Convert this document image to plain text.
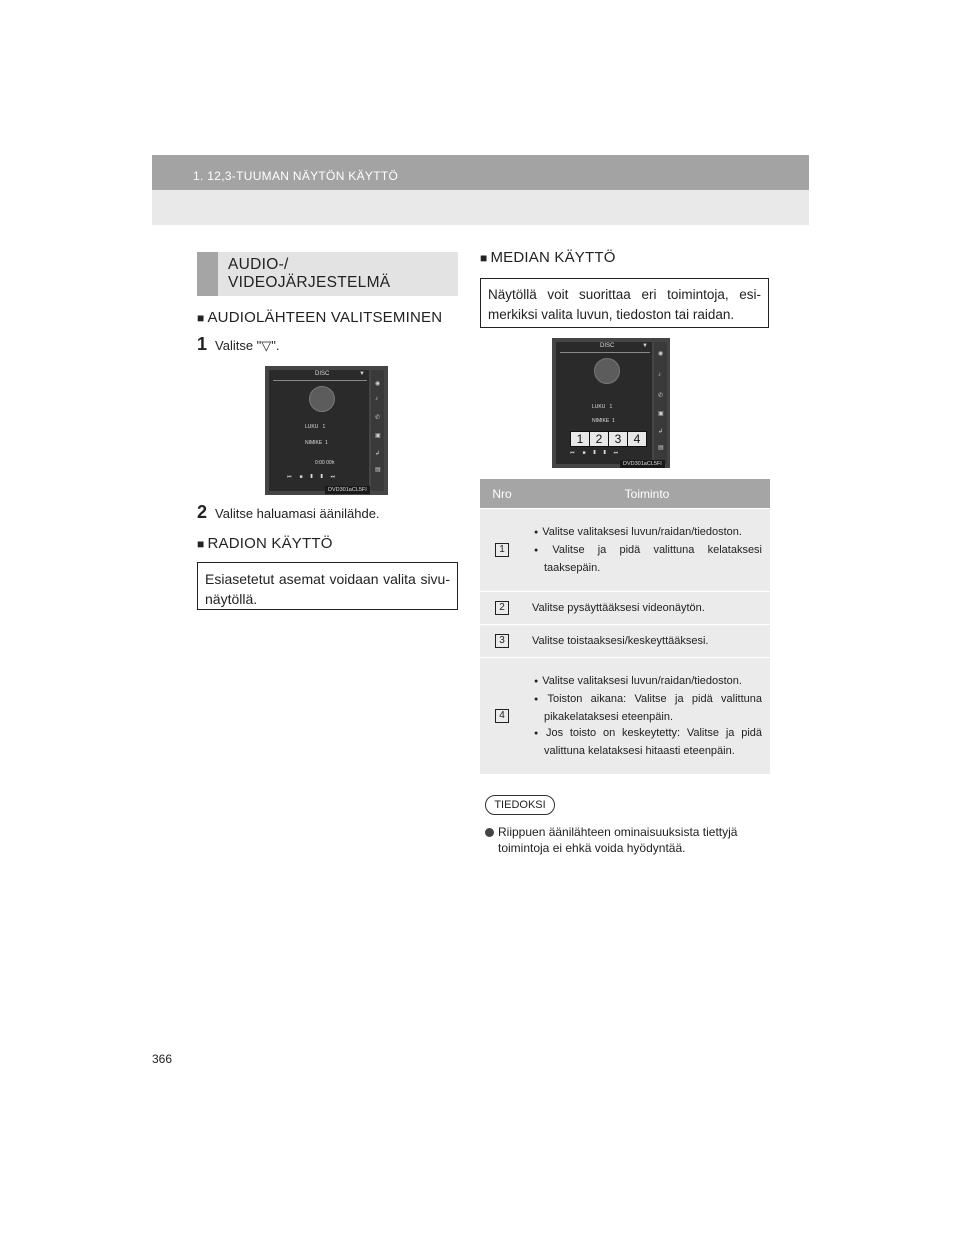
1. 12,3-TUUMAN NÄYTÖN KÄYTTÖ
AUDIO-/
VIDEOJÄRJESTELMÄ
■ AUDIOLÄHTEEN VALITSEMINEN
1 Valitse "▽".
DISC	▼
LUKU 1
NIMIKE 1
0:00 00h
⏮■❚❚⏭
◉
♪
✆
▣
↲
▤
DVD301aCL5FI
2 Valitse haluamasi äänilähde.
■ RADION KÄYTTÖ
Esiasetetut asemat voidaan valita sivu-näytöllä.
■ MEDIAN KÄYTTÖ
Näytöllä voit suorittaa eri toimintoja, esi-merkiksi valita luvun, tiedoston tai raidan.
DISC	▼
LUKU 1
NIMIKE 1
⏮■❚❚⏭
◉
♪
✆
▣
↲
▤
DVD301aCL5FI
1	2	3	4
Nro	Toiminto
1	● Valitse valitaksesi luvun/raidan/tiedoston.
● Valitse ja pidä valittuna kelataksesi taaksepäin.

2	Valitse pysäyttääksesi videonäytön.
3	Valitse toistaaksesi/keskeyttääksesi.
4	● Valitse valitaksesi luvun/raidan/tiedoston.
● Toiston aikana: Valitse ja pidä valittuna pikakelataksesi eteenpäin.
● Jos toisto on keskeytetty: Valitse ja pidä valittuna kelataksesi hitaasti eteenpäin.
TIEDOKSI
Riippuen äänilähteen ominaisuuksista tiettyjä
toimintoja ei ehkä voida hyödyntää.
366
